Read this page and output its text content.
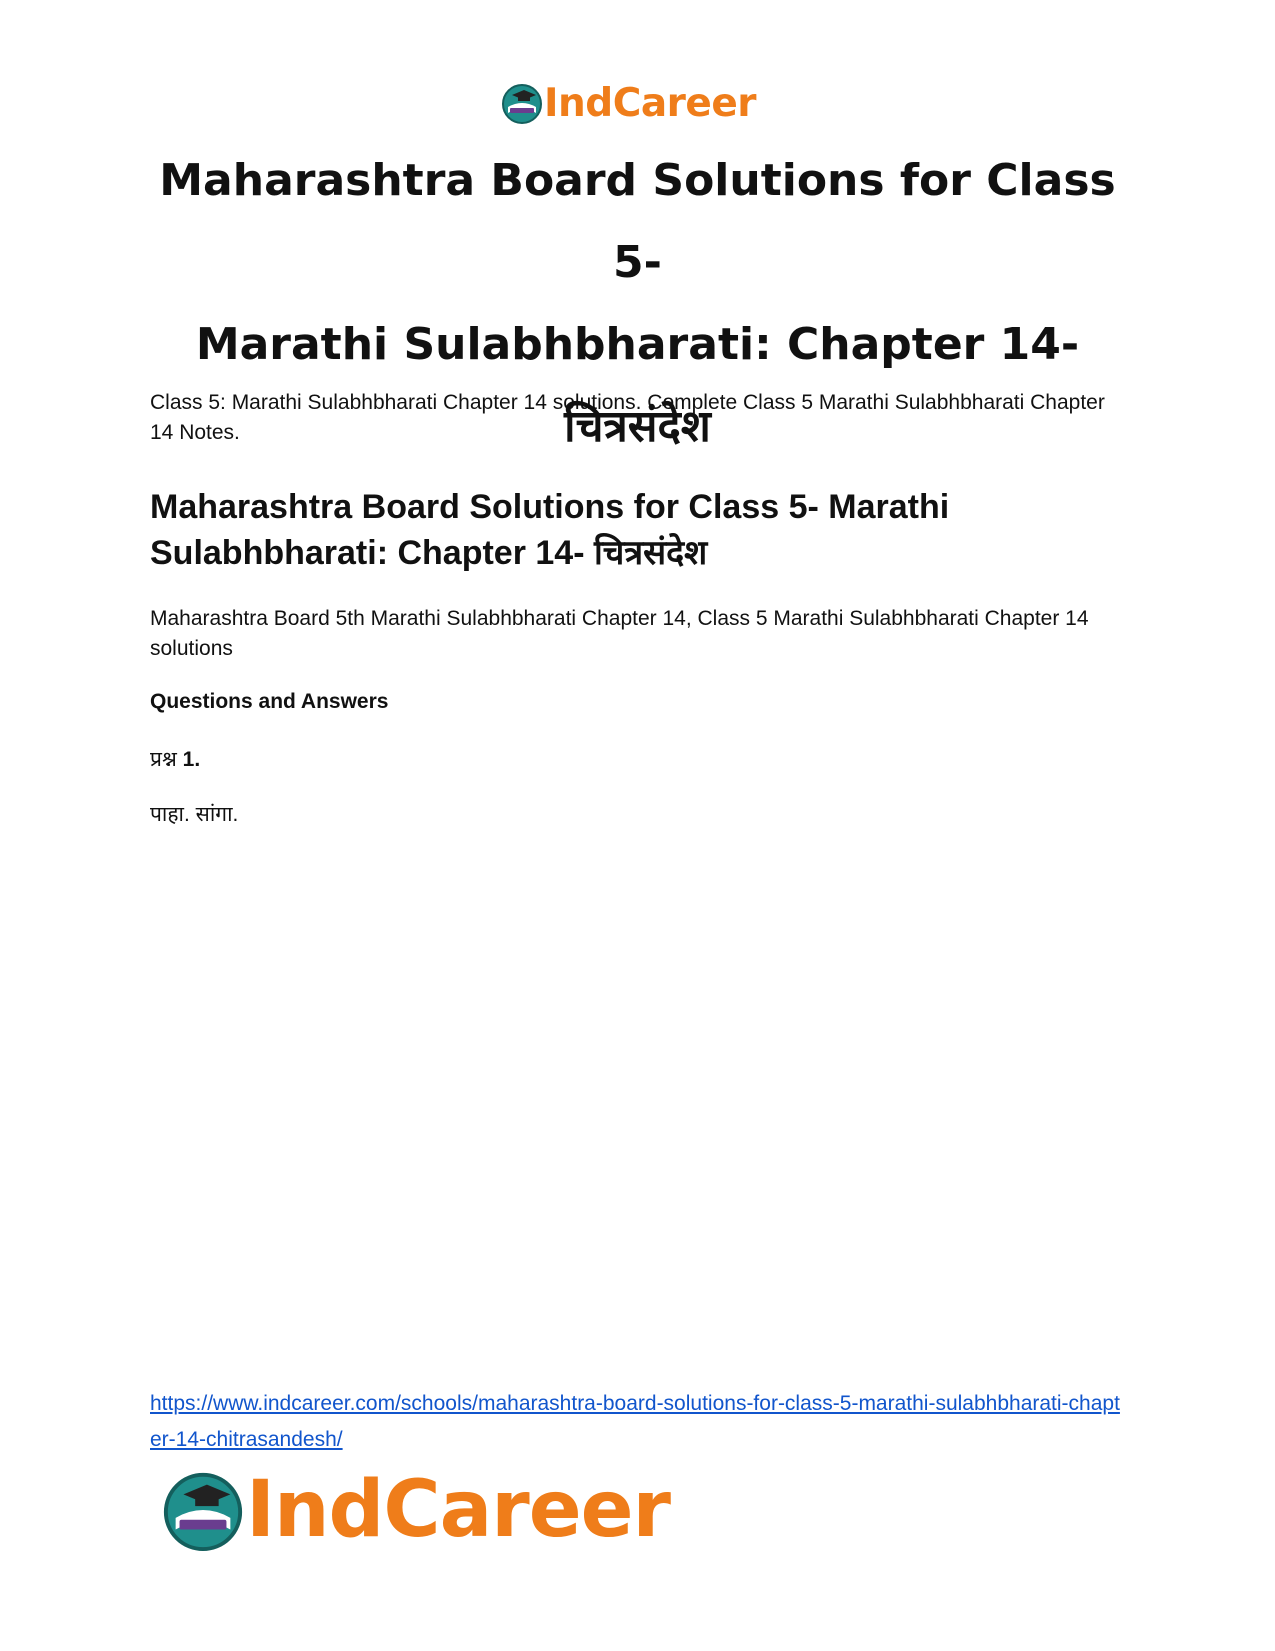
IndCareer
Maharashtra Board Solutions for Class 5-
Marathi Sulabhbharati: Chapter 14- चित्रसंदेश
Class 5: Marathi Sulabhbharati Chapter 14 solutions. Complete Class 5 Marathi Sulabhbharati Chapter 14 Notes.
Maharashtra Board Solutions for Class 5- Marathi Sulabhbharati: Chapter 14- चित्रसंदेश
Maharashtra Board 5th Marathi Sulabhbharati Chapter 14, Class 5 Marathi Sulabhbharati Chapter 14 solutions
Questions and Answers
प्रश्न 1.
पाहा. सांगा.
https://www.indcareer.com/schools/maharashtra-board-solutions-for-class-5-marathi-sulabhbharati-chapter-14-chitrasandesh/
IndCareer
